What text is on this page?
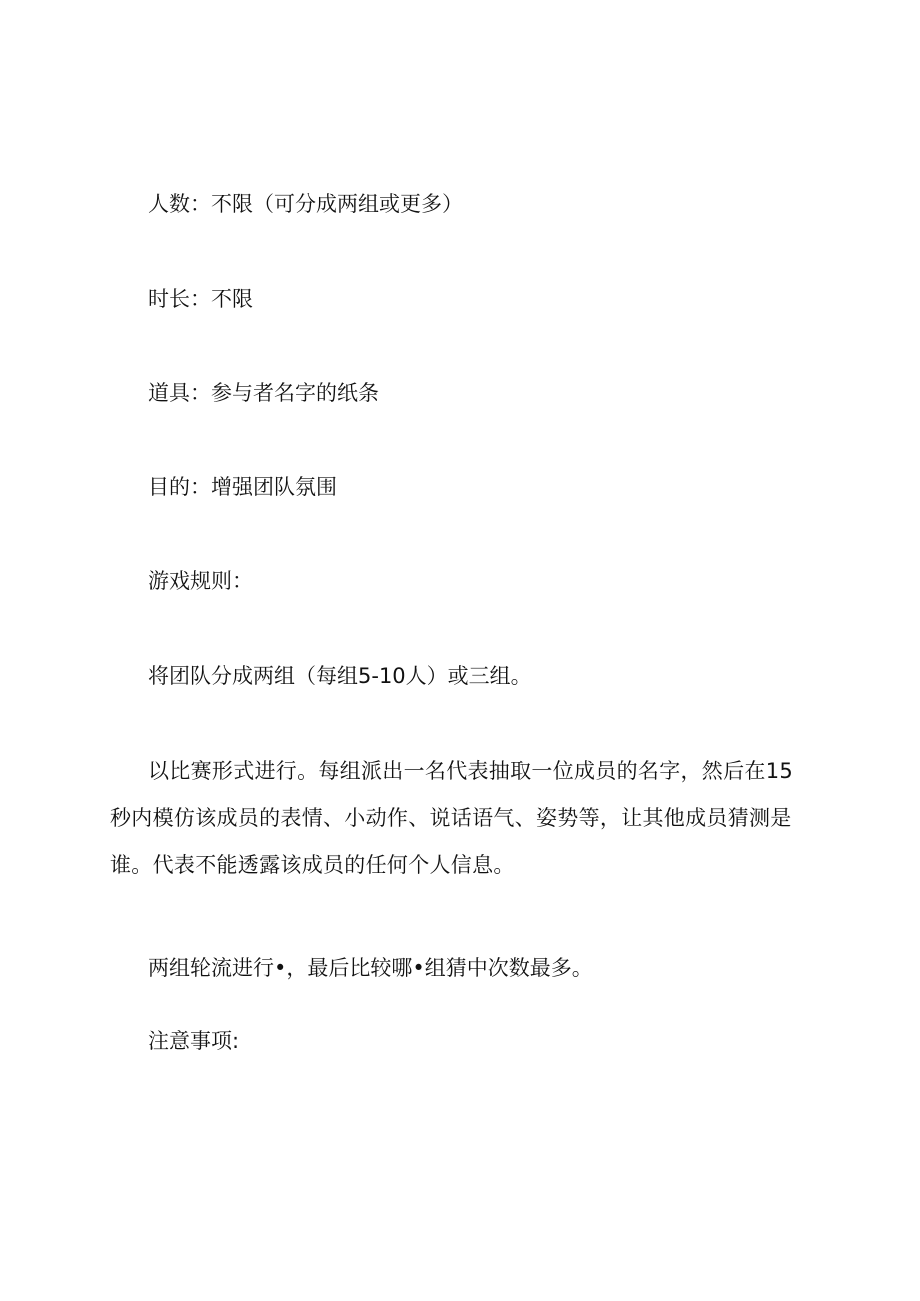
人数：不限（可分成两组或更多）
时长：不限
道具：参与者名字的纸条
目的：增强团队氛围
游戏规则：
将团队分成两组（每组5-10人）或三组。
以比赛形式进行。每组派出一名代表抽取一位成员的名字，然后在15秒内模仿该成员的表情、小动作、说话语气、姿势等，让其他成员猜测是谁。代表不能透露该成员的任何个人信息。
两组轮流进行•，最后比较哪•组猜中次数最多。
注意事项:
